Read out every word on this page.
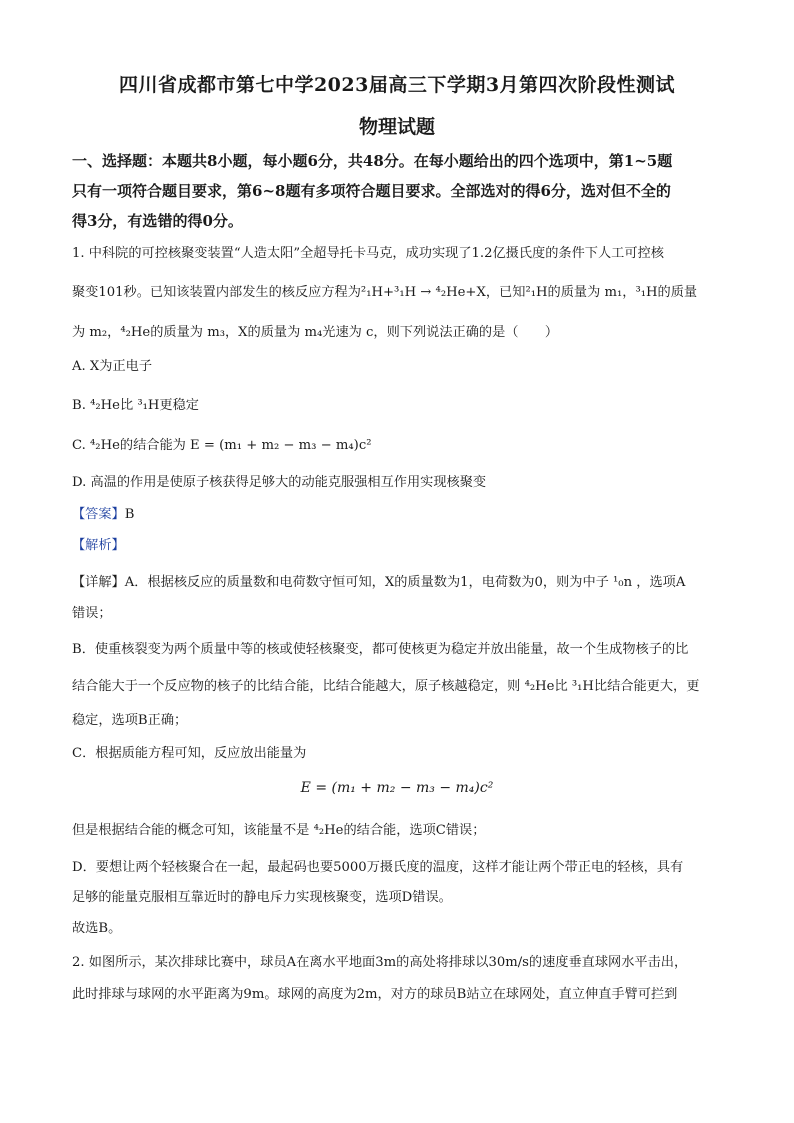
四川省成都市第七中学2023届高三下学期3月第四次阶段性测试
物理试题
一、选择题：本题共8小题，每小题6分，共48分。在每小题给出的四个选项中，第1~5题
只有一项符合题目要求，第6~8题有多项符合题目要求。全部选对的得6分，选对但不全的
得3分，有选错的得0分。
1. 中科院的可控核聚变装置“人造太阳”全超导托卡马克，成功实现了1.2亿摄氏度的条件下人工可控核
聚变101秒。已知该装置内部发生的核反应方程为²₁H+³₁H → ⁴₂He+X，已知²₁H的质量为 m₁，³₁H的质量
为 m₂，⁴₂He的质量为 m₃，X的质量为 m₄光速为 c，则下列说法正确的是（　　）
A. X为正电子
B. ⁴₂He比 ³₁H更稳定
C. ⁴₂He的结合能为 E = (m₁ + m₂ − m₃ − m₄)c²
D. 高温的作用是使原子核获得足够大的动能克服强相互作用实现核聚变
【答案】B
【解析】
【详解】A．根据核反应的质量数和电荷数守恒可知，X的质量数为1，电荷数为0，则为中子 ¹₀n ，选项A
错误；
B．使重核裂变为两个质量中等的核或使轻核聚变，都可使核更为稳定并放出能量，故一个生成物核子的比
结合能大于一个反应物的核子的比结合能，比结合能越大，原子核越稳定，则 ⁴₂He比 ³₁H比结合能更大，更
稳定，选项B正确；
C．根据质能方程可知，反应放出能量为
E = (m₁ + m₂ − m₃ − m₄)c²
但是根据结合能的概念可知，该能量不是 ⁴₂He的结合能，选项C错误；
D．要想让两个轻核聚合在一起，最起码也要5000万摄氏度的温度，这样才能让两个带正电的轻核，具有
足够的能量克服相互靠近时的静电斥力实现核聚变，选项D错误。
故选B。
2. 如图所示，某次排球比赛中，球员A在离水平地面3m的高处将排球以30m/s的速度垂直球网水平击出，
此时排球与球网的水平距离为9m。球网的高度为2m，对方的球员B站立在球网处，直立伸直手臂可拦到
